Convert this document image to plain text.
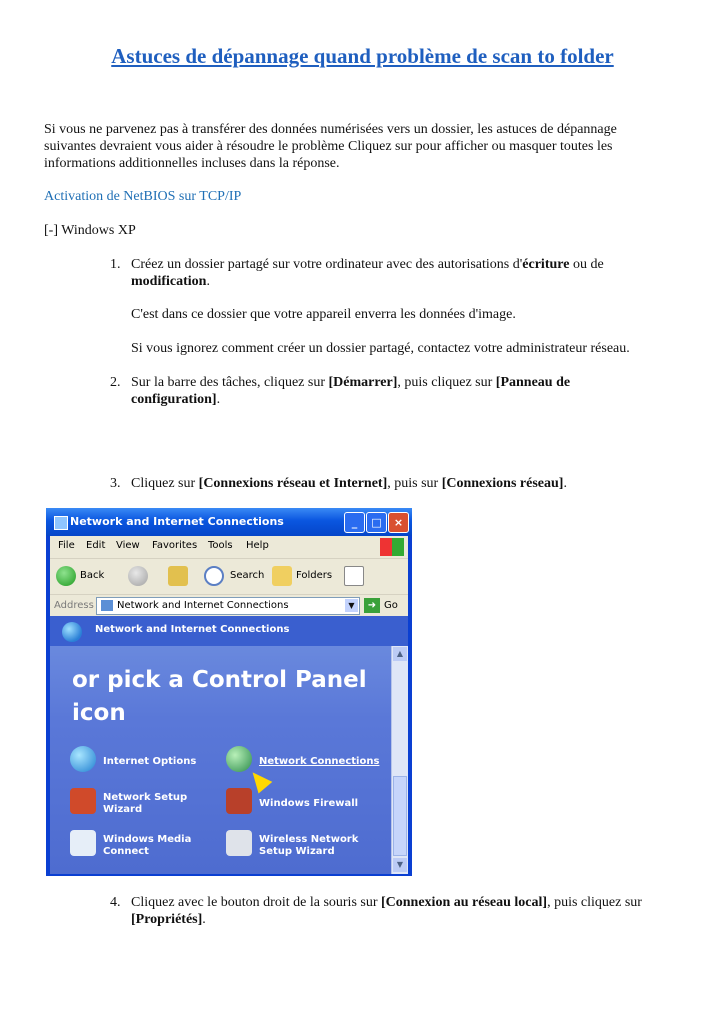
Astuces de dépannage quand problème de scan to folder
Si vous ne parvenez pas à transférer des données numérisées vers un dossier, les astuces de dépannage
suivantes devraient vous aider à résoudre le problème Cliquez sur pour afficher ou masquer toutes les
informations additionnelles incluses dans la réponse.
Activation de NetBIOS sur TCP/IP
[-] Windows XP
1. Créez un dossier partagé sur votre ordinateur avec des autorisations d'écriture ou de
modification.
C'est dans ce dossier que votre appareil enverra les données d'image.
Si vous ignorez comment créer un dossier partagé, contactez votre administrateur réseau.
2. Sur la barre des tâches, cliquez sur [Démarrer], puis cliquez sur [Panneau de
configuration].
3. Cliquez sur [Connexions réseau et Internet], puis sur [Connexions réseau].
Network and Internet Connections	_	□	×
File Edit View Favorites Tools Help
Back	Search	Folders
Address Network and Internet Connections	▼	➜ Go
Network and Internet Connections
or pick a Control Panel
icon
Internet Options	Network Connections
Network Setup
Wizard
Windows Firewall
Windows Media
Connect
Wireless Network
Setup Wizard
▲
▼
4. Cliquez avec le bouton droit de la souris sur [Connexion au réseau local], puis cliquez sur
[Propriétés].
